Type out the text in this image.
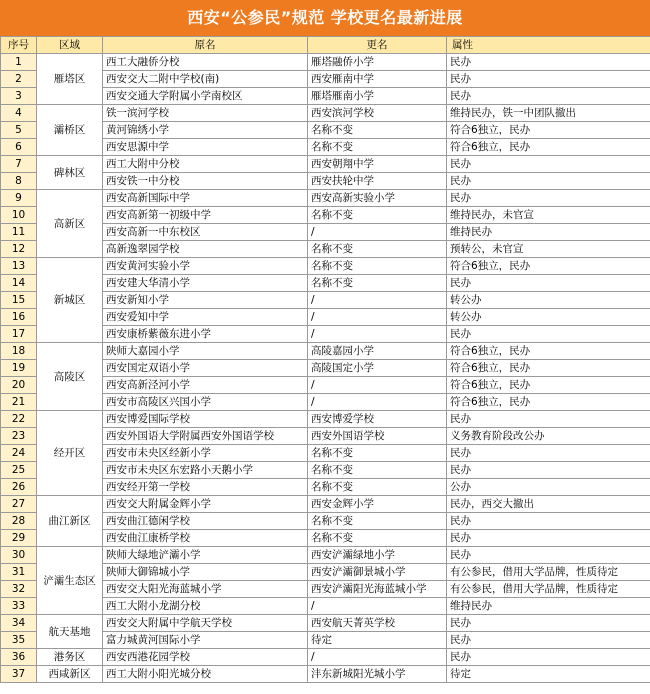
西安“公参民”规范 学校更名最新进展
序号	区域	原名	更名	属性
1	雁塔区	西工大融侨分校	雁塔融侨小学	民办
2		西安交大二附中学校(南)	西安雁南中学	民办
3		西安交通大学附属小学南校区	雁塔雁南小学	民办
4	灞桥区	铁一滨河学校	西安滨河学校	维持民办，铁一中团队撤出
5		黄河锦绣小学	名称不变	符合6独立，民办
6		西安思源中学	名称不变	符合6独立，民办
7	碑林区	西工大附中分校	西安朝翔中学	民办
8		西安铁一中分校	西安扶轮中学	民办
9	高新区	西安高新国际中学	西安高新实验小学	民办
10		西安高新第一初级中学	名称不变	维持民办，未官宣
11		西安高新一中东校区	/	维持民办
12		高新逸翠园学校	名称不变	预转公，未官宣
13	新城区	西安黄河实验小学	名称不变	符合6独立，民办
14		西安建大华清小学	名称不变	民办
15		西安新知小学	/	转公办
16		西安爱知中学	/	转公办
17		西安康桥紫薇东进小学	/	民办
18	高陵区	陕师大嘉园小学	高陵嘉园小学	符合6独立，民办
19		西安国定双语小学	高陵国定小学	符合6独立，民办
20		西安高新泾河小学	/	符合6独立，民办
21		西安市高陵区兴国小学	/	符合6独立，民办
22	经开区	西安博爱国际学校	西安博爱学校	民办
23		西安外国语大学附属西安外国语学校	西安外国语学校	义务教育阶段改公办
24		西安市未央区经新小学	名称不变	民办
25		西安市未央区东宏路小天鹅小学	名称不变	民办
26		西安经开第一学校	名称不变	公办
27	曲江新区	西安交大附属金辉小学	西安金辉小学	民办，西交大撤出
28		西安曲江德闲学校	名称不变	民办
29		西安曲江康桥学校	名称不变	民办
30	浐灞生态区	陕师大绿地浐灞小学	西安浐灞绿地小学	民办
31		陕师大御锦城小学	西安浐灞御景城小学	有公参民，借用大学品牌，性质待定
32		西安交大阳光海蓝城小学	西安浐灞阳光海蓝城小学	有公参民，借用大学品牌，性质待定
33		西工大附小龙湖分校	/	维持民办
34	航天基地	西安交大附属中学航天学校	西安航天菁英学校	民办
35		富力城黄河国际小学	待定	民办
36	港务区	西安西港花园学校	/	民办
37	西咸新区	西工大附小阳光城分校	沣东新城阳光城小学	待定
